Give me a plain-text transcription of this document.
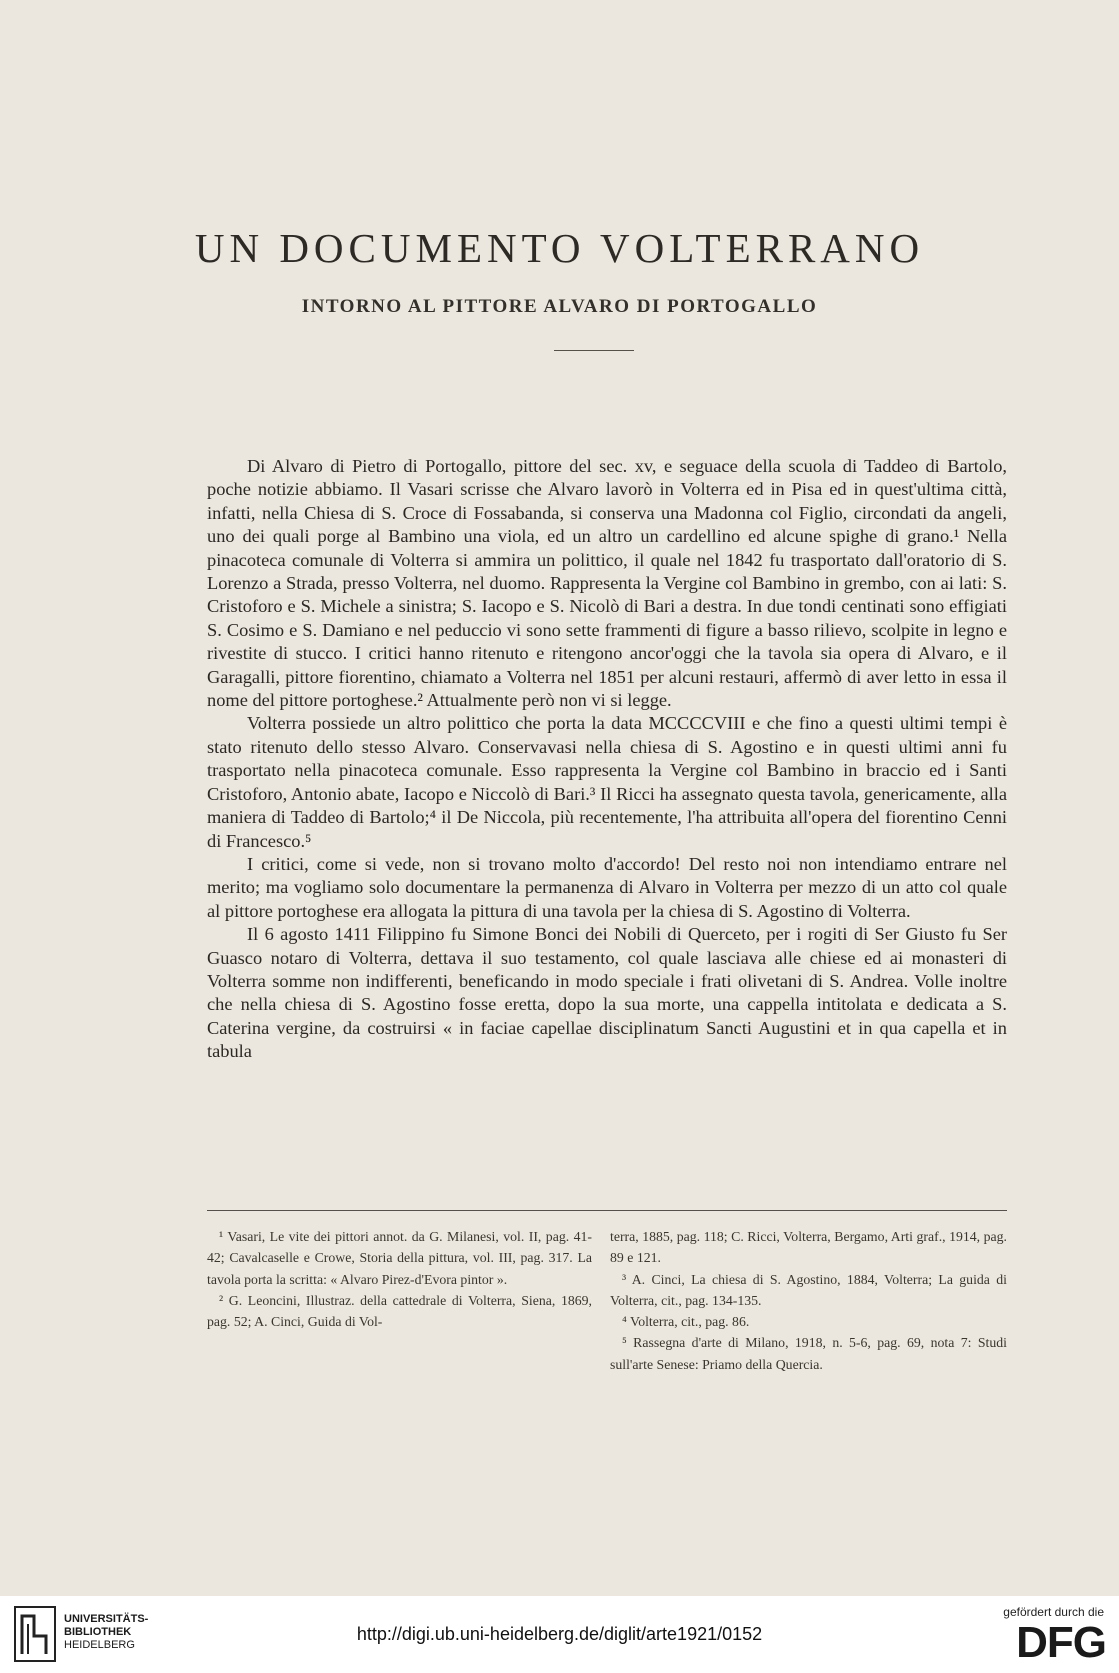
UN DOCUMENTO VOLTERRANO
INTORNO AL PITTORE ALVARO DI PORTOGALLO

Di Alvaro di Pietro di Portogallo, pittore del sec. xv, e seguace della scuola di Taddeo di Bartolo, poche notizie abbiamo. Il Vasari scrisse che Alvaro lavorò in Volterra ed in Pisa ed in quest'ultima città, infatti, nella Chiesa di S. Croce di Fossabanda, si conserva una Madonna col Figlio, circondati da angeli, uno dei quali porge al Bambino una viola, ed un altro un cardellino ed alcune spighe di grano.¹ Nella pinacoteca comunale di Volterra si ammira un polittico, il quale nel 1842 fu trasportato dall'oratorio di S. Lorenzo a Strada, presso Volterra, nel duomo. Rappresenta la Vergine col Bambino in grembo, con ai lati: S. Cristoforo e S. Michele a sinistra; S. Iacopo e S. Nicolò di Bari a destra. In due tondi centinati sono effigiati S. Cosimo e S. Damiano e nel peduccio vi sono sette frammenti di figure a basso rilievo, scolpite in legno e rivestite di stucco. I critici hanno ritenuto e ritengono ancor'oggi che la tavola sia opera di Alvaro, e il Garagalli, pittore fiorentino, chiamato a Volterra nel 1851 per alcuni restauri, affermò di aver letto in essa il nome del pittore portoghese.² Attualmente però non vi si legge.

Volterra possiede un altro polittico che porta la data MCCCCVIII e che fino a questi ultimi tempi è stato ritenuto dello stesso Alvaro. Conservavasi nella chiesa di S. Agostino e in questi ultimi anni fu trasportato nella pinacoteca comunale. Esso rappresenta la Vergine col Bambino in braccio ed i Santi Cristoforo, Antonio abate, Iacopo e Niccolò di Bari.³ Il Ricci ha assegnato questa tavola, genericamente, alla maniera di Taddeo di Bartolo;⁴ il De Niccola, più recentemente, l'ha attribuita all'opera del fiorentino Cenni di Francesco.⁵

I critici, come si vede, non si trovano molto d'accordo! Del resto noi non intendiamo entrare nel merito; ma vogliamo solo documentare la permanenza di Alvaro in Volterra per mezzo di un atto col quale al pittore portoghese era allogata la pittura di una tavola per la chiesa di S. Agostino di Volterra.

Il 6 agosto 1411 Filippino fu Simone Bonci dei Nobili di Querceto, per i rogiti di Ser Giusto fu Ser Guasco notaro di Volterra, dettava il suo testamento, col quale lasciava alle chiese ed ai monasteri di Volterra somme non indifferenti, beneficando in modo speciale i frati olivetani di S. Andrea. Volle inoltre che nella chiesa di S. Agostino fosse eretta, dopo la sua morte, una cappella intitolata e dedicata a S. Caterina vergine, da costruirsi « in faciae capellae disciplinatum Sancti Augustini et in qua capella et in tabula

¹ Vasari, Le vite dei pittori annot. da G. Milanesi, vol. II, pag. 41-42; Cavalcaselle e Crowe, Storia della pittura, vol. III, pag. 317. La tavola porta la scritta: « Alvaro Pirez-d'Evora pintor ».

² G. Leoncini, Illustraz. della cattedrale di Volterra, Siena, 1869, pag. 52; A. Cinci, Guida di Vol-

terra, 1885, pag. 118; C. Ricci, Volterra, Bergamo, Arti graf., 1914, pag. 89 e 121.

³ A. Cinci, La chiesa di S. Agostino, 1884, Volterra; La guida di Volterra, cit., pag. 134-135.

⁴ Volterra, cit., pag. 86.

⁵ Rassegna d'arte di Milano, 1918, n. 5-6, pag. 69, nota 7: Studi sull'arte Senese: Priamo della Quercia.

UNIVERSITÄTS-
BIBLIOTHEK
HEIDELBERG
http://digi.ub.uni-heidelberg.de/diglit/arte1921/0152
gefördert durch die
DFG
